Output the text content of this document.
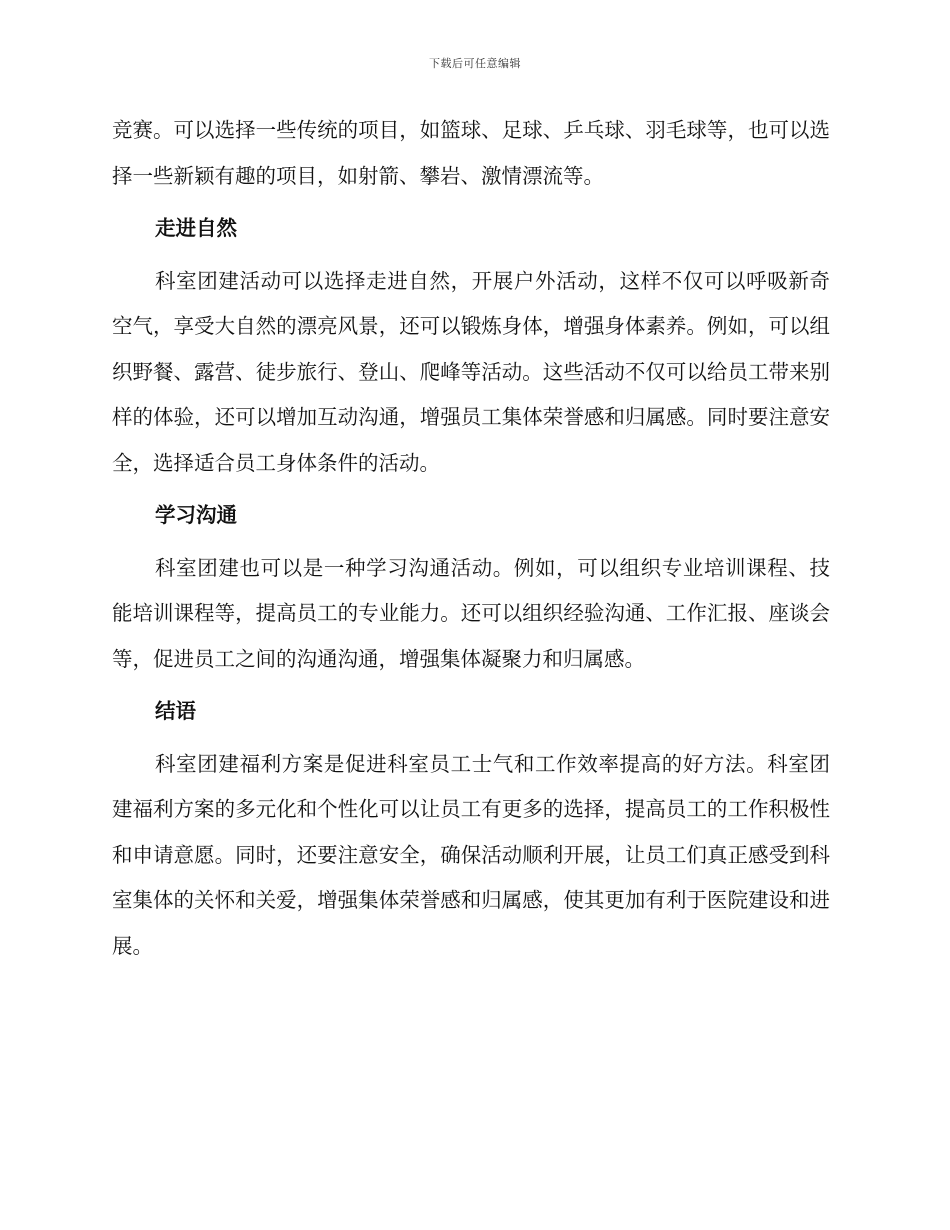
下载后可任意编辑

竞赛。可以选择一些传统的项目，如篮球、足球、乒乓球、羽毛球等，也可以选择一些新颖有趣的项目，如射箭、攀岩、激情漂流等。

走进自然

科室团建活动可以选择走进自然，开展户外活动，这样不仅可以呼吸新奇空气，享受大自然的漂亮风景，还可以锻炼身体，增强身体素养。例如，可以组织野餐、露营、徒步旅行、登山、爬峰等活动。这些活动不仅可以给员工带来别样的体验，还可以增加互动沟通，增强员工集体荣誉感和归属感。同时要注意安全，选择适合员工身体条件的活动。

学习沟通

科室团建也可以是一种学习沟通活动。例如，可以组织专业培训课程、技能培训课程等，提高员工的专业能力。还可以组织经验沟通、工作汇报、座谈会等，促进员工之间的沟通沟通，增强集体凝聚力和归属感。

结语

科室团建福利方案是促进科室员工士气和工作效率提高的好方法。科室团建福利方案的多元化和个性化可以让员工有更多的选择，提高员工的工作积极性和申请意愿。同时，还要注意安全，确保活动顺利开展，让员工们真正感受到科室集体的关怀和关爱，增强集体荣誉感和归属感，使其更加有利于医院建设和进展。
